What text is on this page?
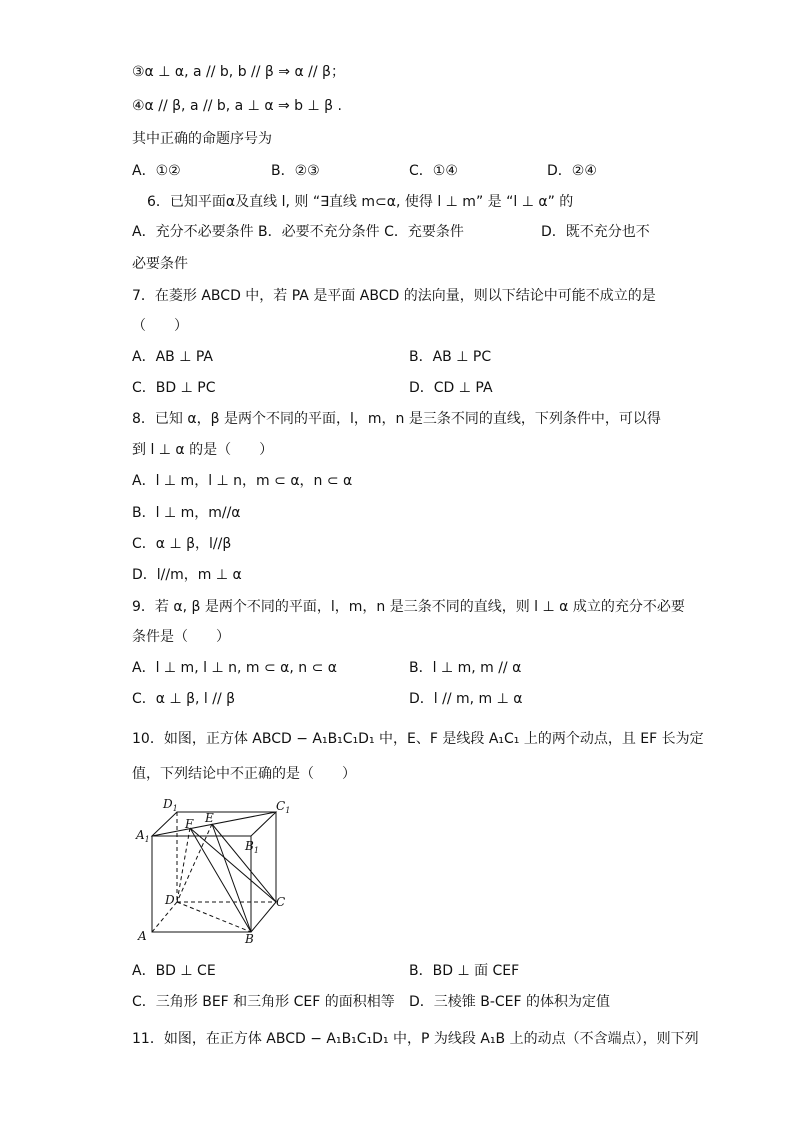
③α ⊥ α, a // b, b // β ⇒ α // β；
④α // β, a // b, a ⊥ α ⇒ b ⊥ β .
其中正确的命题序号为
A．①②	B．②③	C．①④	D．②④
6．已知平面α及直线 l, 则 “∃直线 m⊂α, 使得 l ⊥ m” 是 “l ⊥ α” 的
A．充分不必要条件 B．必要不充分条件 C．充要条件	D．既不充分也不
必要条件
7．在菱形 ABCD 中，若 PA 是平面 ABCD 的法向量，则以下结论中可能不成立的是
（　　）
A．AB ⊥ PA	B．AB ⊥ PC
C．BD ⊥ PC	D．CD ⊥ PA
8．已知 α，β 是两个不同的平面，l，m，n 是三条不同的直线，下列条件中，可以得
到 l ⊥ α 的是（　　）
A．l ⊥ m，l ⊥ n，m ⊂ α，n ⊂ α
B．l ⊥ m，m//α
C．α ⊥ β，l//β
D．l//m，m ⊥ α
9．若 α, β 是两个不同的平面，l，m，n 是三条不同的直线，则 l ⊥ α 成立的充分不必要
条件是（　　）
A．l ⊥ m, l ⊥ n, m ⊂ α, n ⊂ α	B．l ⊥ m, m // α
C．α ⊥ β, l // β	D．l // m, m ⊥ α
10．如图，正方体 ABCD − A₁B₁C₁D₁ 中，E、F 是线段 A₁C₁ 上的两个动点，且 EF 长为定
值，下列结论中不正确的是（　　）
$D_1$	$C_1$
$A_1$	$B_1$
F E
D	C
A	B
A．BD ⊥ CE	B．BD ⊥ 面 CEF
C．三角形 BEF 和三角形 CEF 的面积相等 D．三棱锥 B-CEF 的体积为定值
11．如图，在正方体 ABCD − A₁B₁C₁D₁ 中，P 为线段 A₁B 上的动点（不含端点），则下列
